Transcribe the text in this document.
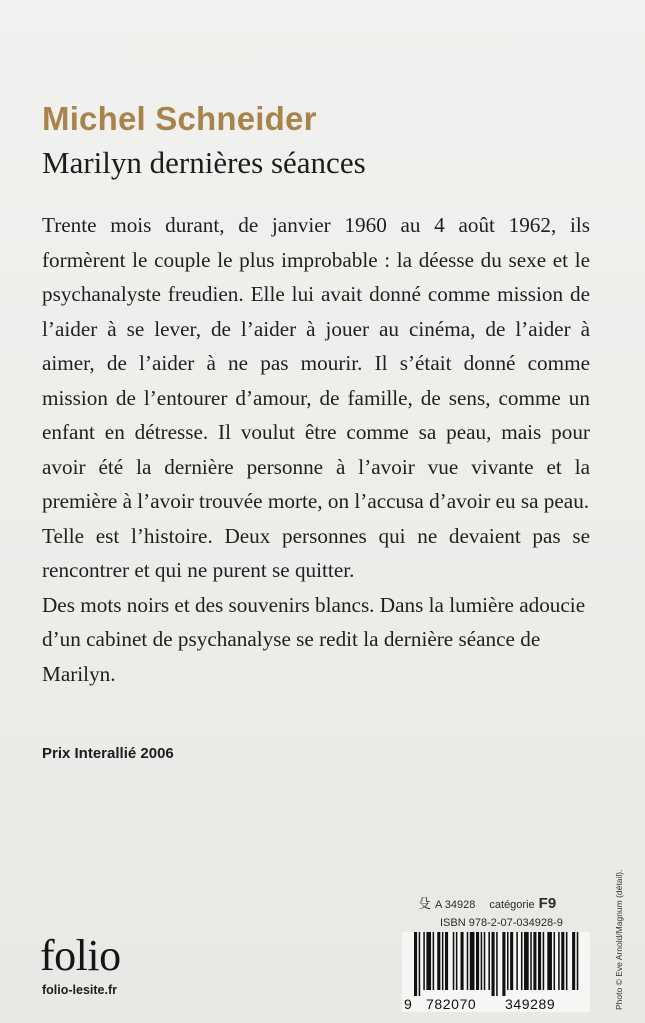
Michel Schneider
Marilyn dernières séances

Trente mois durant, de janvier 1960 au 4 août 1962, ils formèrent le couple le plus improbable : la déesse du sexe et le psychanalyste freudien. Elle lui avait donné comme mission de l’aider à se lever, de l’aider à jouer au cinéma, de l’aider à aimer, de l’aider à ne pas mourir. Il s’était donné comme mission de l’entourer d’amour, de famille, de sens, comme un enfant en détresse. Il voulut être comme sa peau, mais pour avoir été la dernière personne à l’avoir vue vivante et la première à l’avoir trouvée morte, on l’accusa d’avoir eu sa peau.

Telle est l’histoire. Deux personnes qui ne devaient pas se rencontrer et qui ne purent se quitter.

Des mots noirs et des souvenirs blancs. Dans la lumière adoucie d’un cabinet de psychanalyse se redit la dernière séance de Marilyn.

Prix Interallié 2006
folio
folio-lesite.fr
殳 A 34928 catégorie F9
ISBN 978-2-07-034928-9
9 782070 349289	Photo © Eve Arnold/Magnum (détail).
